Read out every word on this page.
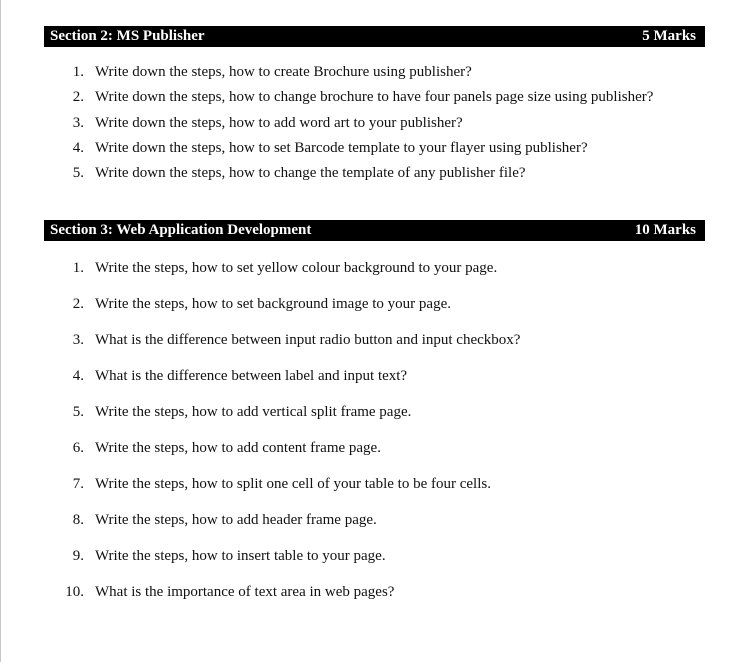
Section 2: MS Publisher	5 Marks
1. Write down the steps, how to create Brochure using publisher?
2. Write down the steps, how to change brochure to have four panels page size using publisher?
3. Write down the steps, how to add word art to your publisher?
4. Write down the steps, how to set Barcode template to your flayer using publisher?
5. Write down the steps, how to change the template of any publisher file?
Section 3: Web Application Development	10 Marks
1. Write the steps, how to set yellow colour background to your page.
2. Write the steps, how to set background image to your page.
3. What is the difference between input radio button and input checkbox?
4. What is the difference between label and input text?
5. Write the steps, how to add vertical split frame page.
6. Write the steps, how to add content frame page.
7. Write the steps, how to split one cell of your table to be four cells.
8. Write the steps, how to add header frame page.
9. Write the steps, how to insert table to your page.
10. What is the importance of text area in web pages?
